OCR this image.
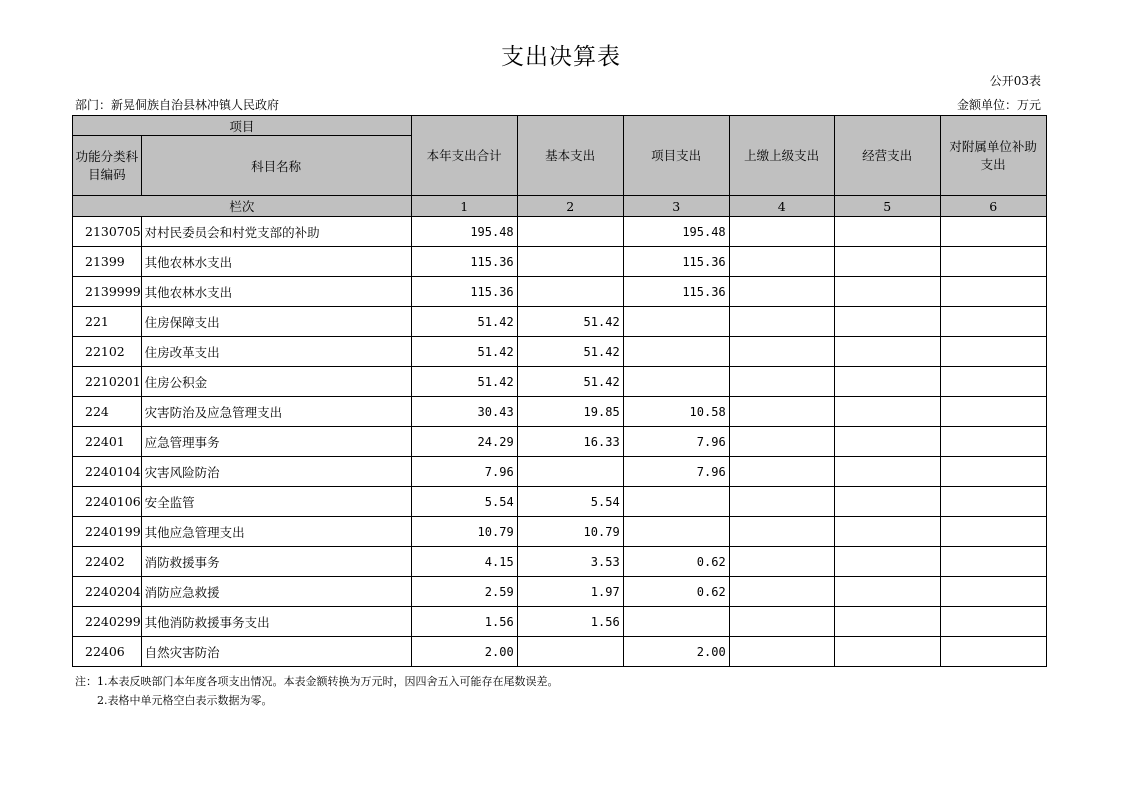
支出决算表
公开03表
部门：新晃侗族自治县林冲镇人民政府	金额单位：万元
项目		本年支出合计	基本支出	项目支出	上缴上级支出	经营支出	对附属单位补助支出
功能分类科目编码	科目名称						
栏次		1	2	3	4	5	6
2130705	对村民委员会和村党支部的补助	195.48		195.48			
21399	其他农林水支出	115.36		115.36			
2139999	其他农林水支出	115.36		115.36			
221	住房保障支出	51.42	51.42				
22102	住房改革支出	51.42	51.42				
2210201	住房公积金	51.42	51.42				
224	灾害防治及应急管理支出	30.43	19.85	10.58			
22401	应急管理事务	24.29	16.33	7.96			
2240104	灾害风险防治	7.96		7.96			
2240106	安全监管	5.54	5.54				
2240199	其他应急管理支出	10.79	10.79				
22402	消防救援事务	4.15	3.53	0.62			
2240204	消防应急救援	2.59	1.97	0.62			
2240299	其他消防救援事务支出	1.56	1.56				
22406	自然灾害防治	2.00		2.00			
注：1.本表反映部门本年度各项支出情况。本表金额转换为万元时，因四舍五入可能存在尾数误差。
2.表格中单元格空白表示数据为零。
